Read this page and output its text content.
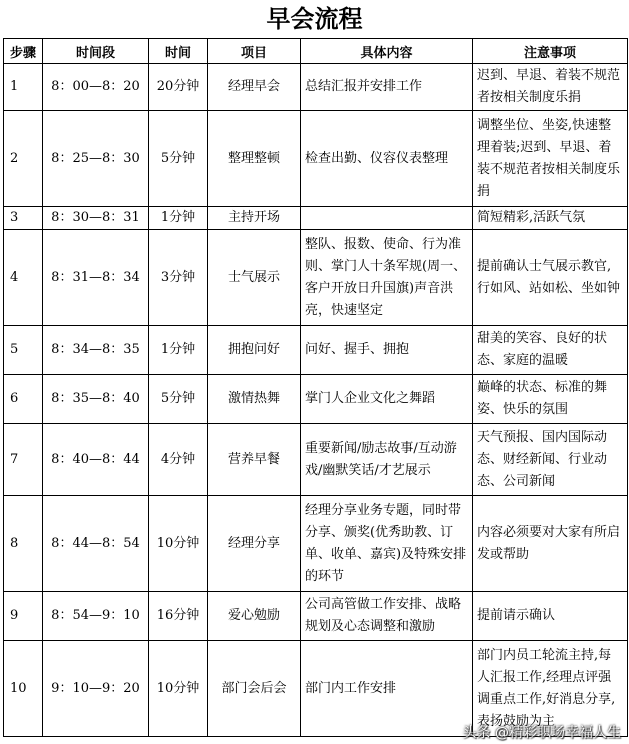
早会流程
步骤	时间段	时间	项目	具体内容	注意事项
1	8：00—8：20	20分钟	经理早会	总结汇报并安排工作	迟到、早退、着装不规范者按相关制度乐捐
2	8：25—8：30	5分钟	整理整顿	检查出勤、仪容仪表整理	调整坐位、坐姿,快速整理着装;迟到、早退、着装不规范者按相关制度乐捐
3	8：30—8：31	1分钟	主持开场		简短精彩,活跃气氛
4	8：31—8：34	3分钟	士气展示	整队、报数、使命、行为准则、掌门人十条军规(周一、客户开放日升国旗)声音洪亮，快速坚定	提前确认士气展示教官,行如风、站如松、坐如钟
5	8：34—8：35	1分钟	拥抱问好	问好、握手、拥抱	甜美的笑容、良好的状态、家庭的温暖
6	8：35—8：40	5分钟	激情热舞	掌门人企业文化之舞蹈	巅峰的状态、标准的舞姿、快乐的氛围
7	8：40—8：44	4分钟	营养早餐	重要新闻/励志故事/互动游戏/幽默笑话/才艺展示	天气预报、国内国际动态、财经新闻、行业动态、公司新闻
8	8：44—8：54	10分钟	经理分享	经理分享业务专题，同时带分享、颁奖(优秀助教、订单、收单、嘉宾)及特殊安排的环节	内容必须要对大家有所启发或帮助
9	8：54—9：10	16分钟	爱心勉励	公司高管做工作安排、战略规划及心态调整和激励	提前请示确认
10	9：10—9：20	10分钟	部门会后会	部门内工作安排	部门内员工轮流主持,每人汇报工作,经理点评强调重点工作,好消息分享,表扬鼓励为主
头条 @精彩职场幸福人生
